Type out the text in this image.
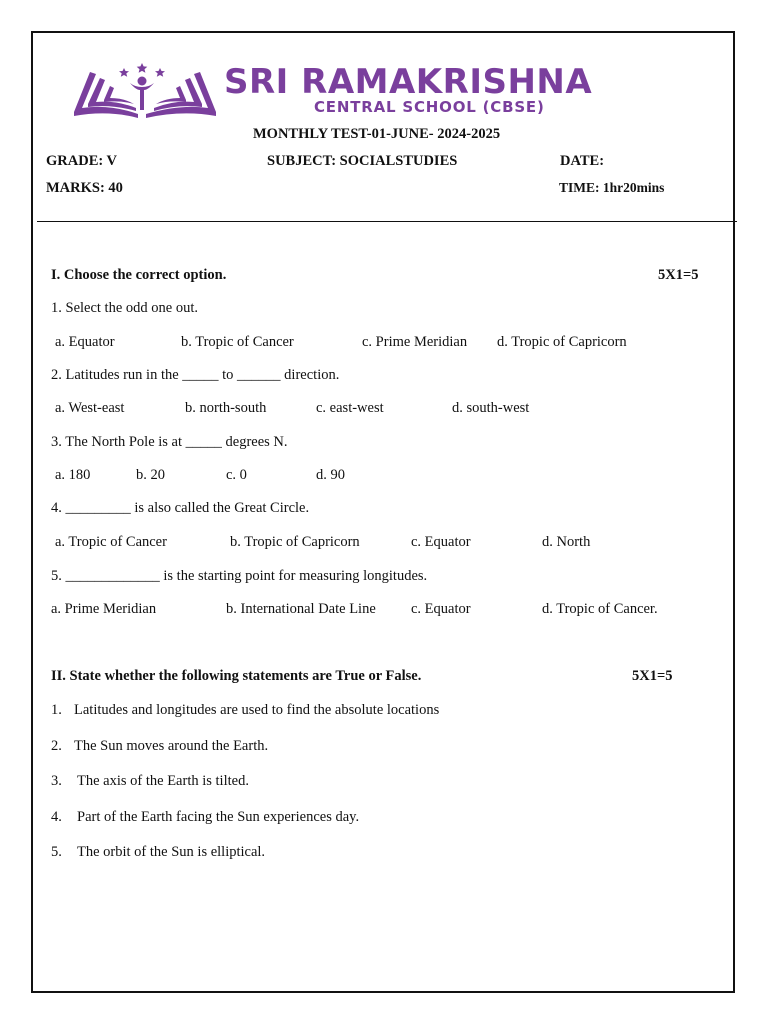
SRI RAMAKRISHNA
CENTRAL SCHOOL (CBSE)
MONTHLY TEST-01-JUNE- 2024-2025
GRADE: V	SUBJECT: SOCIALSTUDIES	DATE:
MARKS: 40	TIME: 1hr20mins
I. Choose the correct option.	5X1=5
1. Select the odd one out.
a. Equator	b. Tropic of Cancer	c. Prime Meridian d. Tropic of Capricorn
2. Latitudes run in the _____ to ______ direction.
a. West-east	b. north-south	c. east-west	d. south-west
3. The North Pole is at _____ degrees N.
a. 180	b. 20	c. 0	d. 90
4. _________ is also called the Great Circle.
a. Tropic of Cancer	b. Tropic of Capricorn	c. Equator	d. North
5. _____________ is the starting point for measuring longitudes.
a. Prime Meridian	b. International Date Line c. Equator	d. Tropic of Cancer.
II. State whether the following statements are True or False.	5X1=5
1. Latitudes and longitudes are used to find the absolute locations
2. The Sun moves around the Earth.
3. The axis of the Earth is tilted.
4. Part of the Earth facing the Sun experiences day.
5. The orbit of the Sun is elliptical.
